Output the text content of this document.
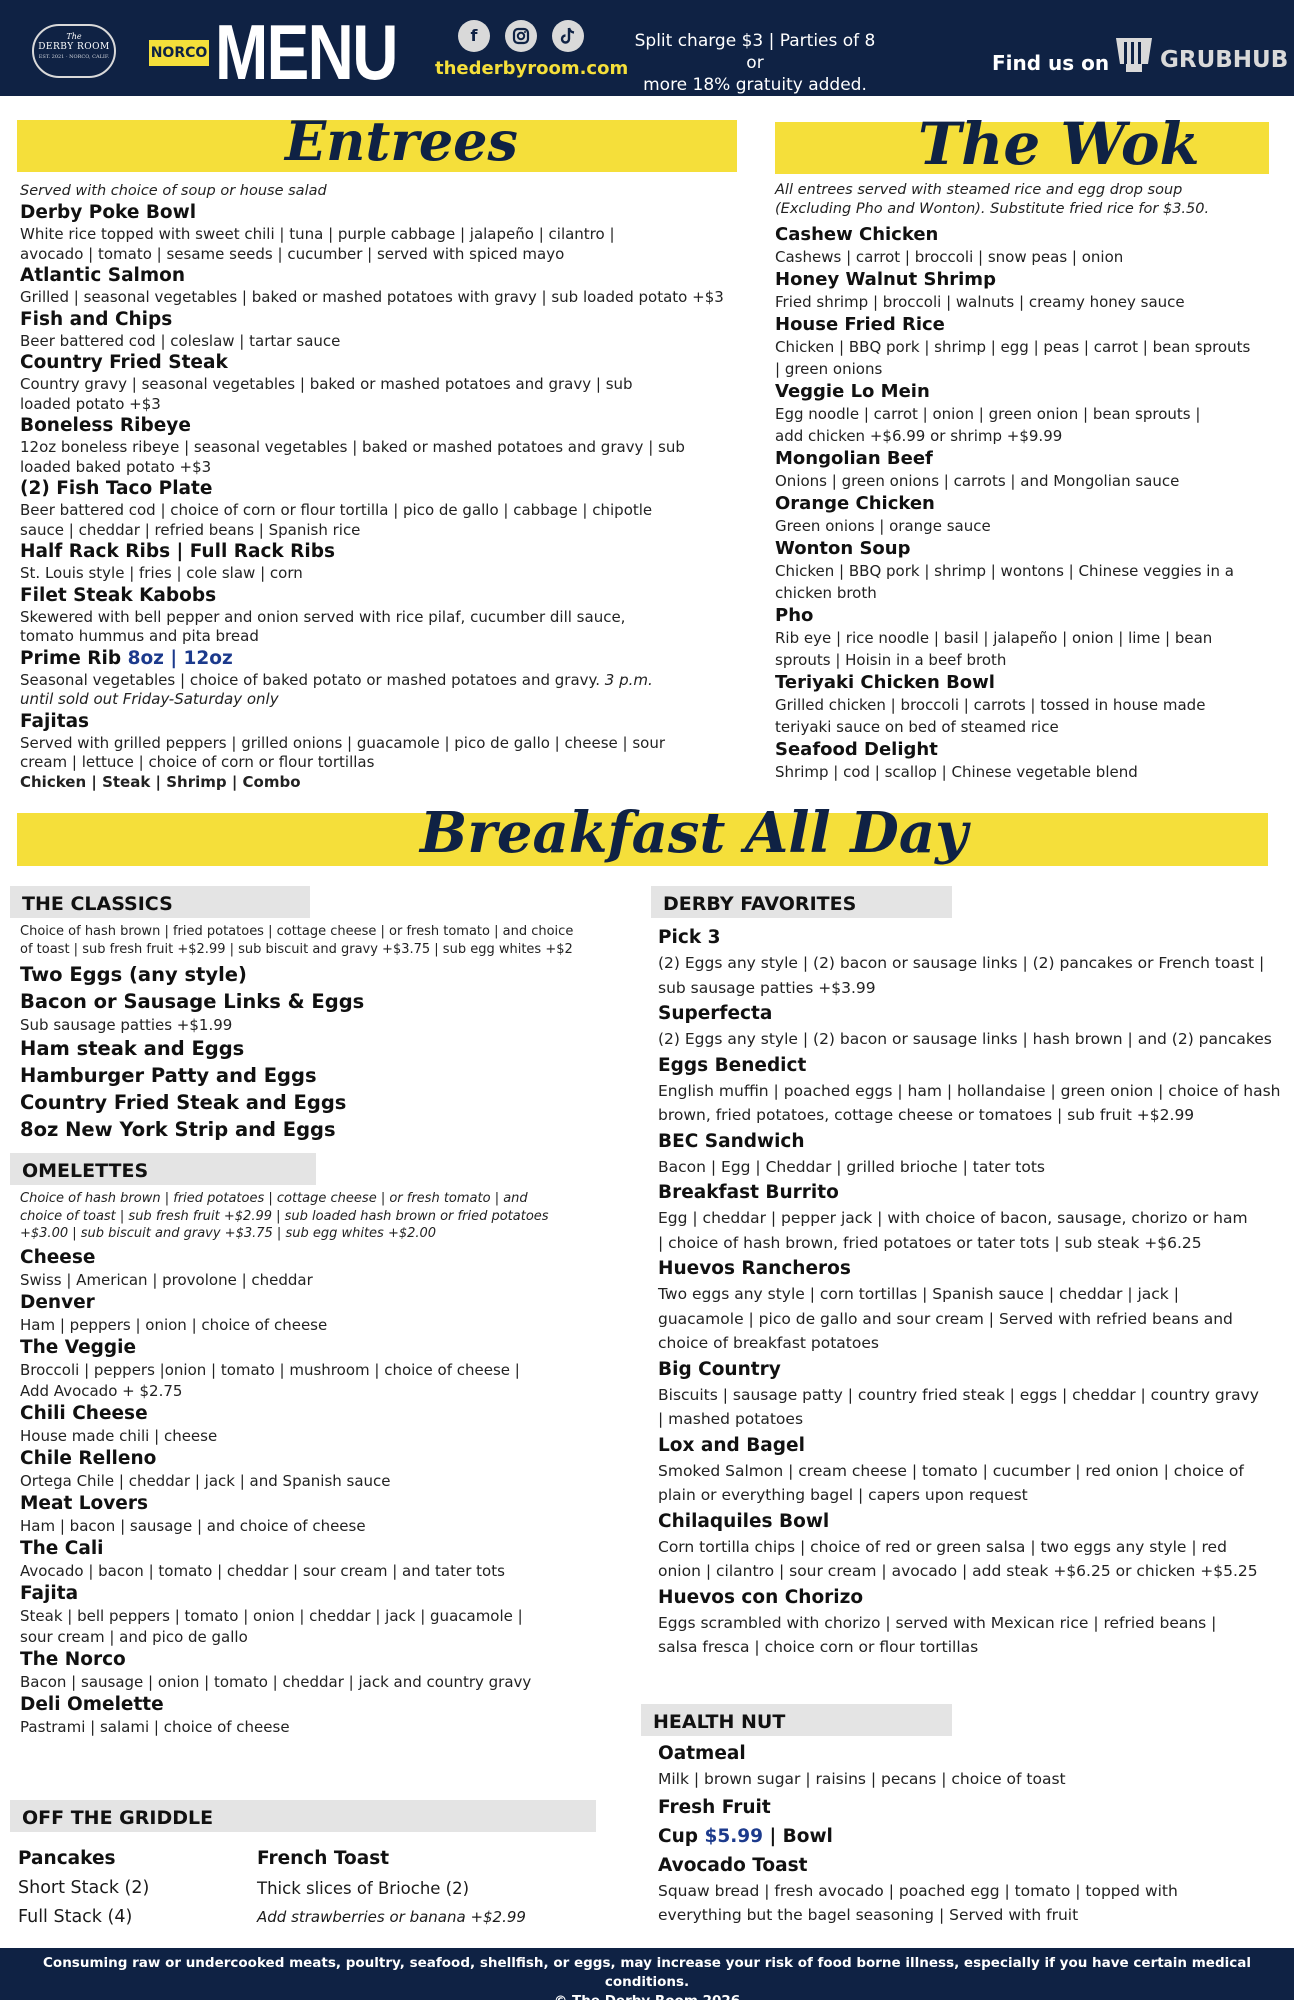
The
DERBY ROOM
EST. 2021 · NORCO, CALIF.	NORCO MENU	f
thederbyroom.com
Split charge $3 | Parties of 8 or
more 18% gratuity added.
Find us on GRUBHUB
Entrees
Served with choice of soup or house salad
Derby Poke Bowl
White rice topped with sweet chili | tuna | purple cabbage | jalapeño | cilantro |
avocado | tomato | sesame seeds | cucumber | served with spiced mayo
Atlantic Salmon
Grilled | seasonal vegetables | baked or mashed potatoes with gravy | sub loaded potato +$3
Fish and Chips
Beer battered cod | coleslaw | tartar sauce
Country Fried Steak
Country gravy | seasonal vegetables | baked or mashed potatoes and gravy | sub
loaded potato +$3
Boneless Ribeye
12oz boneless ribeye | seasonal vegetables | baked or mashed potatoes and gravy | sub
loaded baked potato +$3
(2) Fish Taco Plate
Beer battered cod | choice of corn or flour tortilla | pico de gallo | cabbage | chipotle
sauce | cheddar | refried beans | Spanish rice
Half Rack Ribs | Full Rack Ribs
St. Louis style | fries | cole slaw | corn
Filet Steak Kabobs
Skewered with bell pepper and onion served with rice pilaf, cucumber dill sauce,
tomato hummus and pita bread
Prime Rib 8oz | 12oz
Seasonal vegetables | choice of baked potato or mashed potatoes and gravy. 3 p.m.
until sold out Friday-Saturday only
Fajitas
Served with grilled peppers | grilled onions | guacamole | pico de gallo | cheese | sour
cream | lettuce | choice of corn or flour tortillas
Chicken | Steak | Shrimp | Combo
The Wok
All entrees served with steamed rice and egg drop soup
(Excluding Pho and Wonton). Substitute fried rice for $3.50.
Cashew Chicken
Cashews | carrot | broccoli | snow peas | onion
Honey Walnut Shrimp
Fried shrimp | broccoli | walnuts | creamy honey sauce
House Fried Rice
Chicken | BBQ pork | shrimp | egg | peas | carrot | bean sprouts
| green onions
Veggie Lo Mein
Egg noodle | carrot | onion | green onion | bean sprouts |
add chicken +$6.99 or shrimp +$9.99
Mongolian Beef
Onions | green onions | carrots | and Mongolian sauce
Orange Chicken
Green onions | orange sauce
Wonton Soup
Chicken | BBQ pork | shrimp | wontons | Chinese veggies in a
chicken broth
Pho
Rib eye | rice noodle | basil | jalapeño | onion | lime | bean
sprouts | Hoisin in a beef broth
Teriyaki Chicken Bowl
Grilled chicken | broccoli | carrots | tossed in house made
teriyaki sauce on bed of steamed rice
Seafood Delight
Shrimp | cod | scallop | Chinese vegetable blend
Breakfast All Day
THE CLASSICS
Choice of hash brown | fried potatoes | cottage cheese | or fresh tomato | and choice
of toast | sub fresh fruit +$2.99 | sub biscuit and gravy +$3.75 | sub egg whites +$2
Two Eggs (any style)
Bacon or Sausage Links & Eggs
Sub sausage patties +$1.99
Ham steak and Eggs
Hamburger Patty and Eggs
Country Fried Steak and Eggs
8oz New York Strip and Eggs
OMELETTES
Choice of hash brown | fried potatoes | cottage cheese | or fresh tomato | and
choice of toast | sub fresh fruit +$2.99 | sub loaded hash brown or fried potatoes
+$3.00 | sub biscuit and gravy +$3.75 | sub egg whites +$2.00
Cheese
Swiss | American | provolone | cheddar
Denver
Ham | peppers | onion | choice of cheese
The Veggie
Broccoli | peppers |onion | tomato | mushroom | choice of cheese |
Add Avocado + $2.75
Chili Cheese
House made chili | cheese
Chile Relleno
Ortega Chile | cheddar | jack | and Spanish sauce
Meat Lovers
Ham | bacon | sausage | and choice of cheese
The Cali
Avocado | bacon | tomato | cheddar | sour cream | and tater tots
Fajita
Steak | bell peppers | tomato | onion | cheddar | jack | guacamole |
sour cream | and pico de gallo
The Norco
Bacon | sausage | onion | tomato | cheddar | jack and country gravy
Deli Omelette
Pastrami | salami | choice of cheese
OFF THE GRIDDLE
Pancakes
Short Stack (2)
Full Stack (4)
French Toast
Thick slices of Brioche (2)
Add strawberries or banana +$2.99
DERBY FAVORITES
Pick 3
(2) Eggs any style | (2) bacon or sausage links | (2) pancakes or French toast |
sub sausage patties +$3.99
Superfecta
(2) Eggs any style | (2) bacon or sausage links | hash brown | and (2) pancakes
Eggs Benedict
English muffin | poached eggs | ham | hollandaise | green onion | choice of hash
brown, fried potatoes, cottage cheese or tomatoes | sub fruit +$2.99
BEC Sandwich
Bacon | Egg | Cheddar | grilled brioche | tater tots
Breakfast Burrito
Egg | cheddar | pepper jack | with choice of bacon, sausage, chorizo or ham
| choice of hash brown, fried potatoes or tater tots | sub steak +$6.25
Huevos Rancheros
Two eggs any style | corn tortillas | Spanish sauce | cheddar | jack |
guacamole | pico de gallo and sour cream | Served with refried beans and
choice of breakfast potatoes
Big Country
Biscuits | sausage patty | country fried steak | eggs | cheddar | country gravy
| mashed potatoes
Lox and Bagel
Smoked Salmon | cream cheese | tomato | cucumber | red onion | choice of
plain or everything bagel | capers upon request
Chilaquiles Bowl
Corn tortilla chips | choice of red or green salsa | two eggs any style | red
onion | cilantro | sour cream | avocado | add steak +$6.25 or chicken +$5.25
Huevos con Chorizo
Eggs scrambled with chorizo | served with Mexican rice | refried beans |
salsa fresca | choice corn or flour tortillas
HEALTH NUT
Oatmeal
Milk | brown sugar | raisins | pecans | choice of toast
Fresh Fruit
Cup $5.99 | Bowl
Avocado Toast
Squaw bread | fresh avocado | poached egg | tomato | topped with
everything but the bagel seasoning | Served with fruit
Consuming raw or undercooked meats, poultry, seafood, shellfish, or eggs, may increase your risk of food borne illness, especially if you have certain medical conditions.
© The Derby Room 2026
